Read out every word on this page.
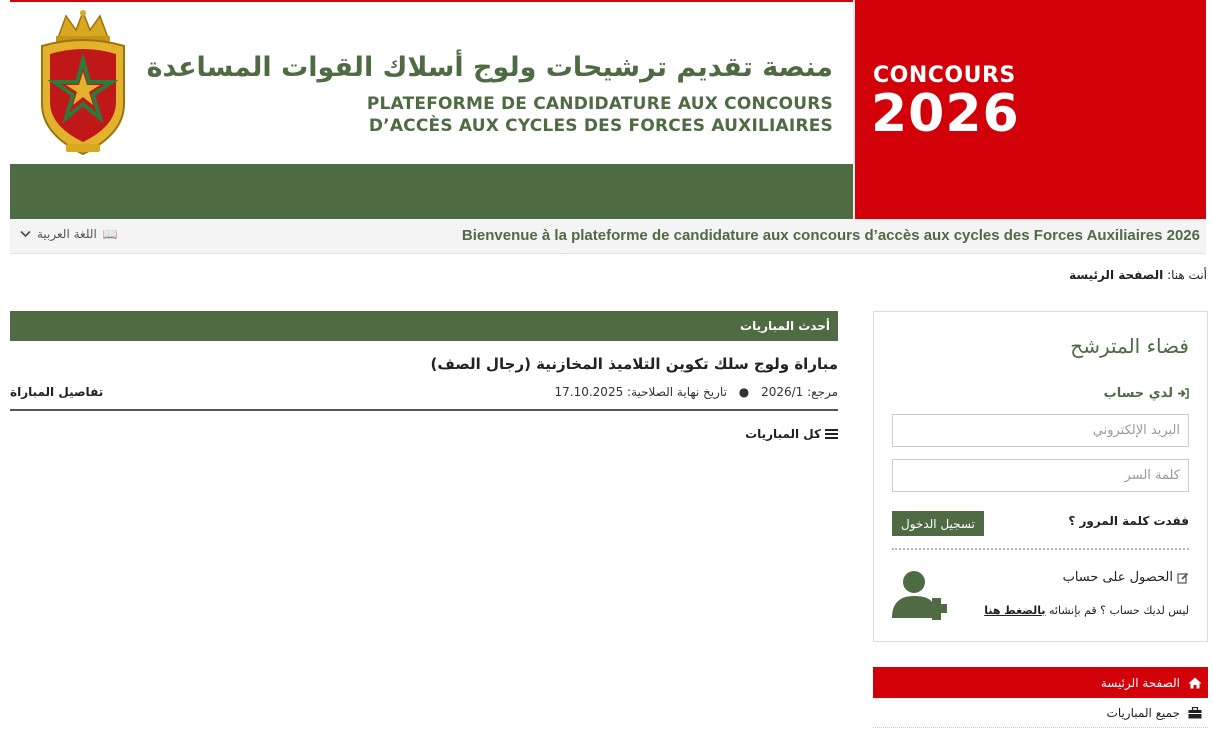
منصة تقديم ترشيحات ولوج أسلاك القوات المساعدة
PLATEFORME DE CANDIDATURE AUX CONCOURS
D’ACCÈS AUX CYCLES DES FORCES AUXILIAIRES
CONCOURS
2026
📖
اللغة العربية	Bienvenue à la plateforme de candidature aux concours d’accès aux cycles des Forces Auxiliaires 2026
أنت هنا: الصفحة الرئيسة
أحدث المباريات
مباراة ولوج سلك تكوين التلاميذ المخازنية (رجال الصف)
مرجع: 2026/1 ● تاريخ نهاية الصلاحية: 17.10.2025
تفاصيل المباراة
كل المباريات
فضاء المترشح
لدي حساب
البريد الإلكتروني
فقدت كلمة المرور ؟
تسجيل الدخول
الحصول على حساب
ليس لديك حساب ؟ قم بإنشائه بالضغط هنا
الصفحة الرئيسة
جميع المباريات
